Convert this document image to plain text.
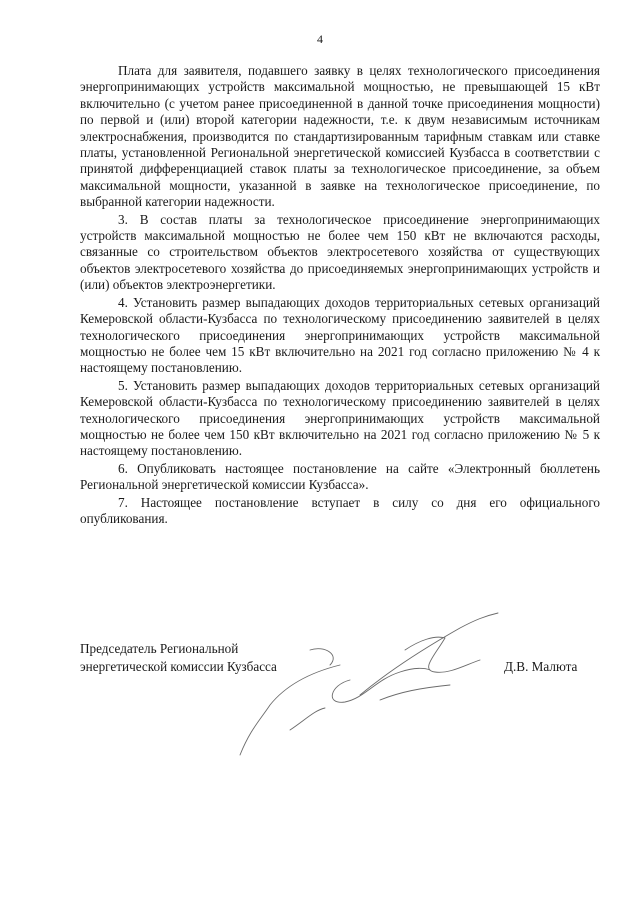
4

Плата для заявителя, подавшего заявку в целях технологического присоединения энергопринимающих устройств максимальной мощностью, не превышающей 15 кВт включительно (с учетом ранее присоединенной в данной точке присоединения мощности) по первой и (или) второй категории надежности, т.е. к двум независимым источникам электроснабжения, производится по стандартизированным тарифным ставкам или ставке платы, установленной Региональной энергетической комиссией Кузбасса в соответствии с принятой дифференциацией ставок платы за технологическое присоединение, за объем максимальной мощности, указанной в заявке на технологическое присоединение, по выбранной категории надежности.

3. В состав платы за технологическое присоединение энергопринимающих устройств максимальной мощностью не более чем 150 кВт не включаются расходы, связанные со строительством объектов электросетевого хозяйства от существующих объектов электросетевого хозяйства до присоединяемых энергопринимающих устройств и (или) объектов электроэнергетики.

4. Установить размер выпадающих доходов территориальных сетевых организаций Кемеровской области-Кузбасса по технологическому присоединению заявителей в целях технологического присоединения энергопринимающих устройств максимальной мощностью не более чем 15 кВт включительно на 2021 год согласно приложению № 4 к настоящему постановлению.

5. Установить размер выпадающих доходов территориальных сетевых организаций Кемеровской области-Кузбасса по технологическому присоединению заявителей в целях технологического присоединения энергопринимающих устройств максимальной мощностью не более чем 150 кВт включительно на 2021 год согласно приложению № 5 к настоящему постановлению.

6. Опубликовать настоящее постановление на сайте «Электронный бюллетень Региональной энергетической комиссии Кузбасса».

7. Настоящее постановление вступает в силу со дня его официального опубликования.

Председатель Региональной
энергетической комиссии Кузбасса	Д.В. Малюта
